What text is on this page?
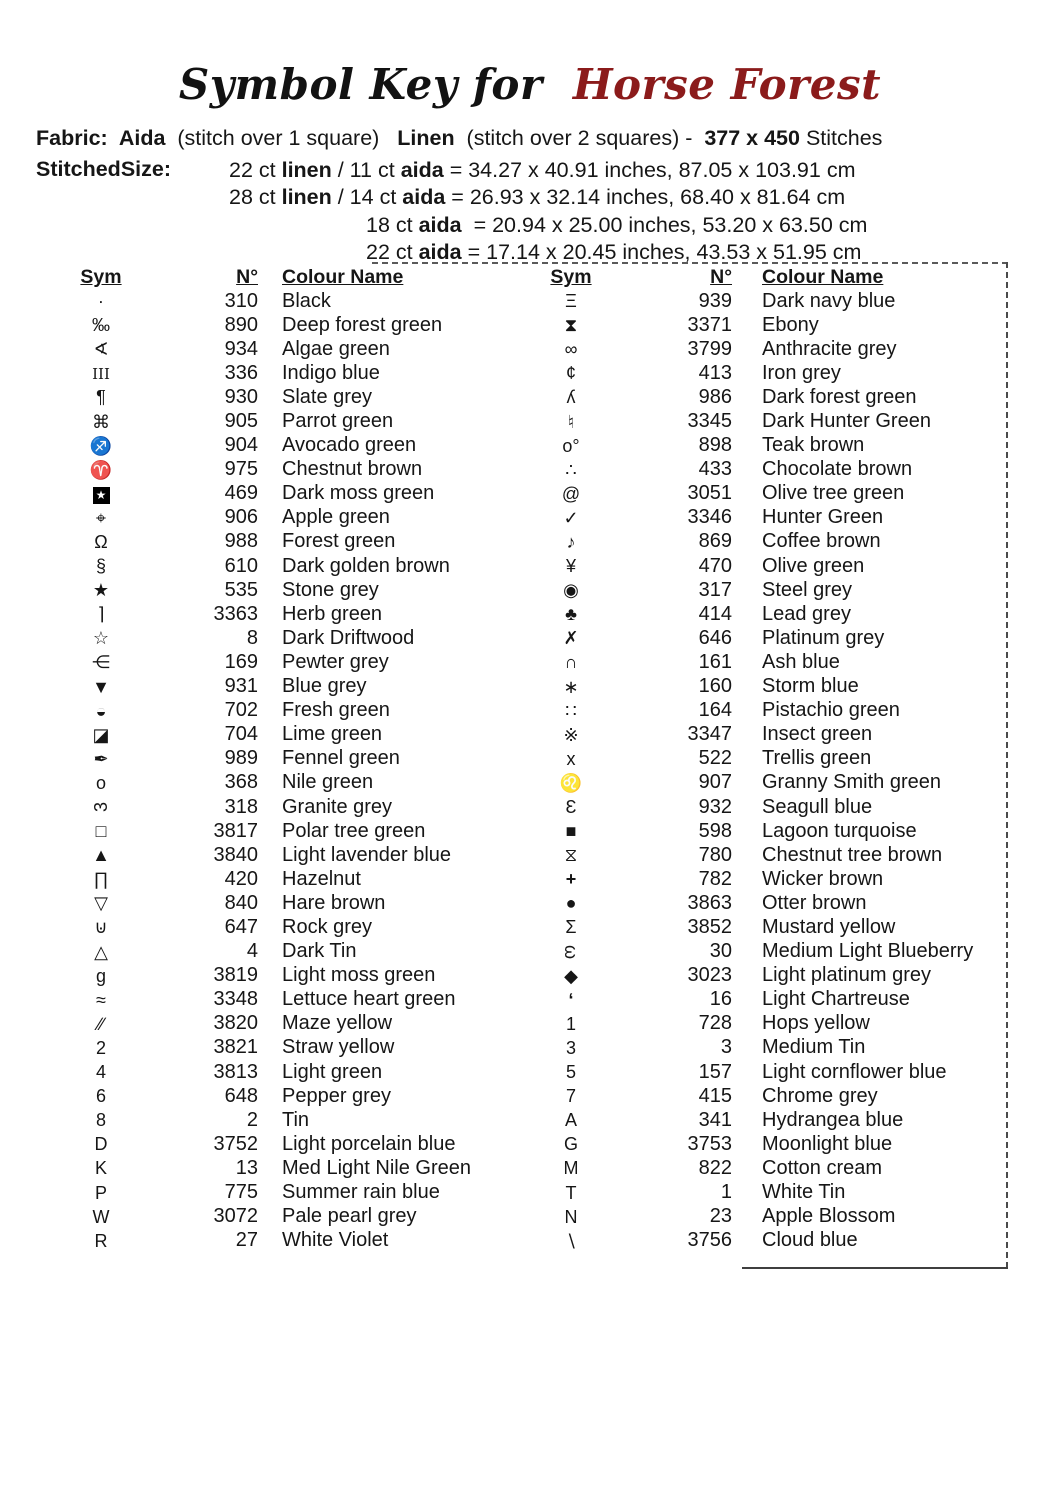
Symbol Key for  Horse Forest
Fabric:  Aida  (stitch over 1 square)   Linen  (stitch over 2 squares) -  377 x 450 Stitches
StitchedSize:	22 ct linen / 11 ct aida = 34.27 x 40.91 inches, 87.05 x 103.91 cm
28 ct linen / 14 ct aida = 26.93 x 32.14 inches, 68.40 x 81.64 cm
18 ct aida  = 20.94 x 25.00 inches, 53.20 x 63.50 cm
22 ct aida = 17.14 x 20.45 inches, 43.53 x 51.95 cm
Sym	N°	Colour Name
∙	310	Black
‰	890	Deep forest green
∢	934	Algae green
III	336	Indigo blue
¶	930	Slate grey
⌘	905	Parrot green
♐	904	Avocado green
♈	975	Chestnut brown
★	469	Dark moss green
⌖	906	Apple green
Ω	988	Forest green
§	610	Dark golden brown
★	535	Stone grey
⌉	3363	Herb green
☆	8	Dark Driftwood
⋲	169	Pewter grey
▼	931	Blue grey
◒	702	Fresh green
◪	704	Lime green
✒	989	Fennel green
o	368	Nile green
3	318	Granite grey
□	3817	Polar tree green
▲	3840	Light lavender blue
∏	420	Hazelnut
▽	840	Hare brown
⊍	647	Rock grey
△	4	Dark Tin
g	3819	Light moss green
≈	3348	Lettuce heart green
∕∕	3820	Maze yellow
2	3821	Straw yellow
4	3813	Light green
6	648	Pepper grey
8	2	Tin
D	3752	Light porcelain blue
K	13	Med Light Nile Green
P	775	Summer rain blue
W	3072	Pale pearl grey
R	27	White Violet
Sym	N°	Colour Name
Ξ	939	Dark navy blue
⧗	3371	Ebony
∞	3799	Anthracite grey
¢	413	Iron grey
ʎ	986	Dark forest green
♮	3345	Dark Hunter Green
o°	898	Teak brown
∴	433	Chocolate brown
@	3051	Olive tree green
✓	3346	Hunter Green
♪	869	Coffee brown
¥	470	Olive green
◉	317	Steel grey
♣	414	Lead grey
✗	646	Platinum grey
∩	161	Ash blue
∗	160	Storm blue
∷	164	Pistachio green
※	3347	Insect green
x	522	Trellis green
♌	907	Granny Smith green
Ɛ	932	Seagull blue
■	598	Lagoon turquoise
⧖	780	Chestnut tree brown
+	782	Wicker brown
●	3863	Otter brown
Σ	3852	Mustard yellow
ω	30	Medium Light Blueberry
◆	3023	Light platinum grey
ʻ	16	Light Chartreuse
1	728	Hops yellow
3	3	Medium Tin
5	157	Light cornflower blue
7	415	Chrome grey
A	341	Hydrangea blue
G	3753	Moonlight blue
M	822	Cotton cream
T	1	White Tin
N	23	Apple Blossom
∖	3756	Cloud blue
